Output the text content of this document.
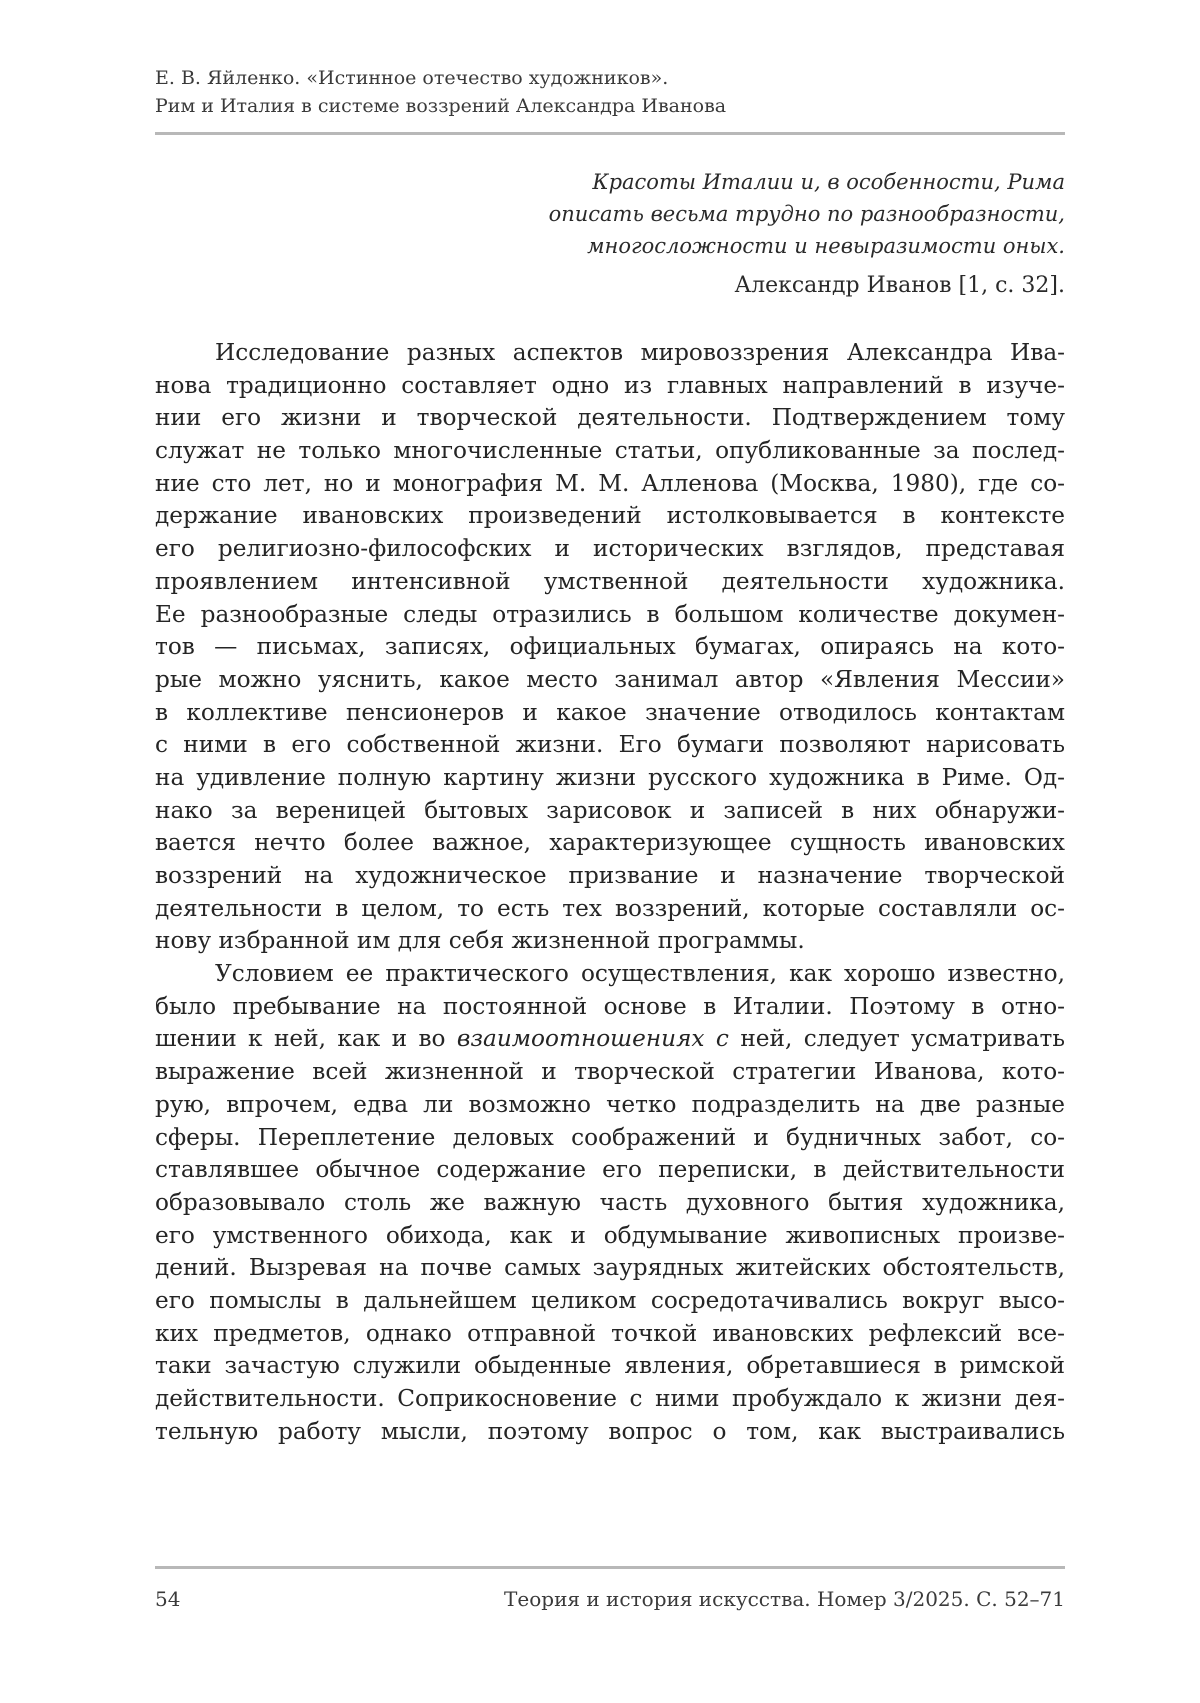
Е. В. Яйленко. «Истинное отечество художников».
Рим и Италия в системе воззрений Александра Иванова
Красоты Италии и, в особенности, Рима
описать весьма трудно по разнообразности,
многосложности и невыразимости оных.
Александр Иванов [1, с. 32].
Исследование разных аспектов мировоззрения Александра Ива-
нова традиционно составляет одно из главных направлений в изуче-
нии его жизни и творческой деятельности. Подтверждением тому
служат не только многочисленные статьи, опубликованные за послед-
ние сто лет, но и монография М. М. Алленова (Москва, 1980), где со-
держание ивановских произведений истолковывается в контексте
его религиозно-философских и исторических взглядов, представая
проявлением интенсивной умственной деятельности художника.
Ее разнообразные следы отразились в большом количестве докумен-
тов — письмах, записях, официальных бумагах, опираясь на кото-
рые можно уяснить, какое место занимал автор «Явления Мессии»
в коллективе пенсионеров и какое значение отводилось контактам
с ними в его собственной жизни. Его бумаги позволяют нарисовать
на удивление полную картину жизни русского художника в Риме. Од-
нако за вереницей бытовых зарисовок и записей в них обнаружи-
вается нечто более важное, характеризующее сущность ивановских
воззрений на художническое призвание и назначение творческой
деятельности в целом, то есть тех воззрений, которые составляли ос-
нову избранной им для себя жизненной программы.
Условием ее практического осуществления, как хорошо известно,
было пребывание на постоянной основе в Италии. Поэтому в отно-
шении к ней, как и во взаимоотношениях с ней, следует усматривать
выражение всей жизненной и творческой стратегии Иванова, кото-
рую, впрочем, едва ли возможно четко подразделить на две разные
сферы. Переплетение деловых соображений и будничных забот, со-
ставлявшее обычное содержание его переписки, в действительности
образовывало столь же важную часть духовного бытия художника,
его умственного обихода, как и обдумывание живописных произве-
дений. Вызревая на почве самых заурядных житейских обстоятельств,
его помыслы в дальнейшем целиком сосредотачивались вокруг высо-
ких предметов, однако отправной точкой ивановских рефлексий все-
таки зачастую служили обыденные явления, обретавшиеся в римской
действительности. Соприкосновение с ними пробуждало к жизни дея-
тельную работу мысли, поэтому вопрос о том, как выстраивались
54	Теория и история искусства. Номер 3/2025. С. 52–71
